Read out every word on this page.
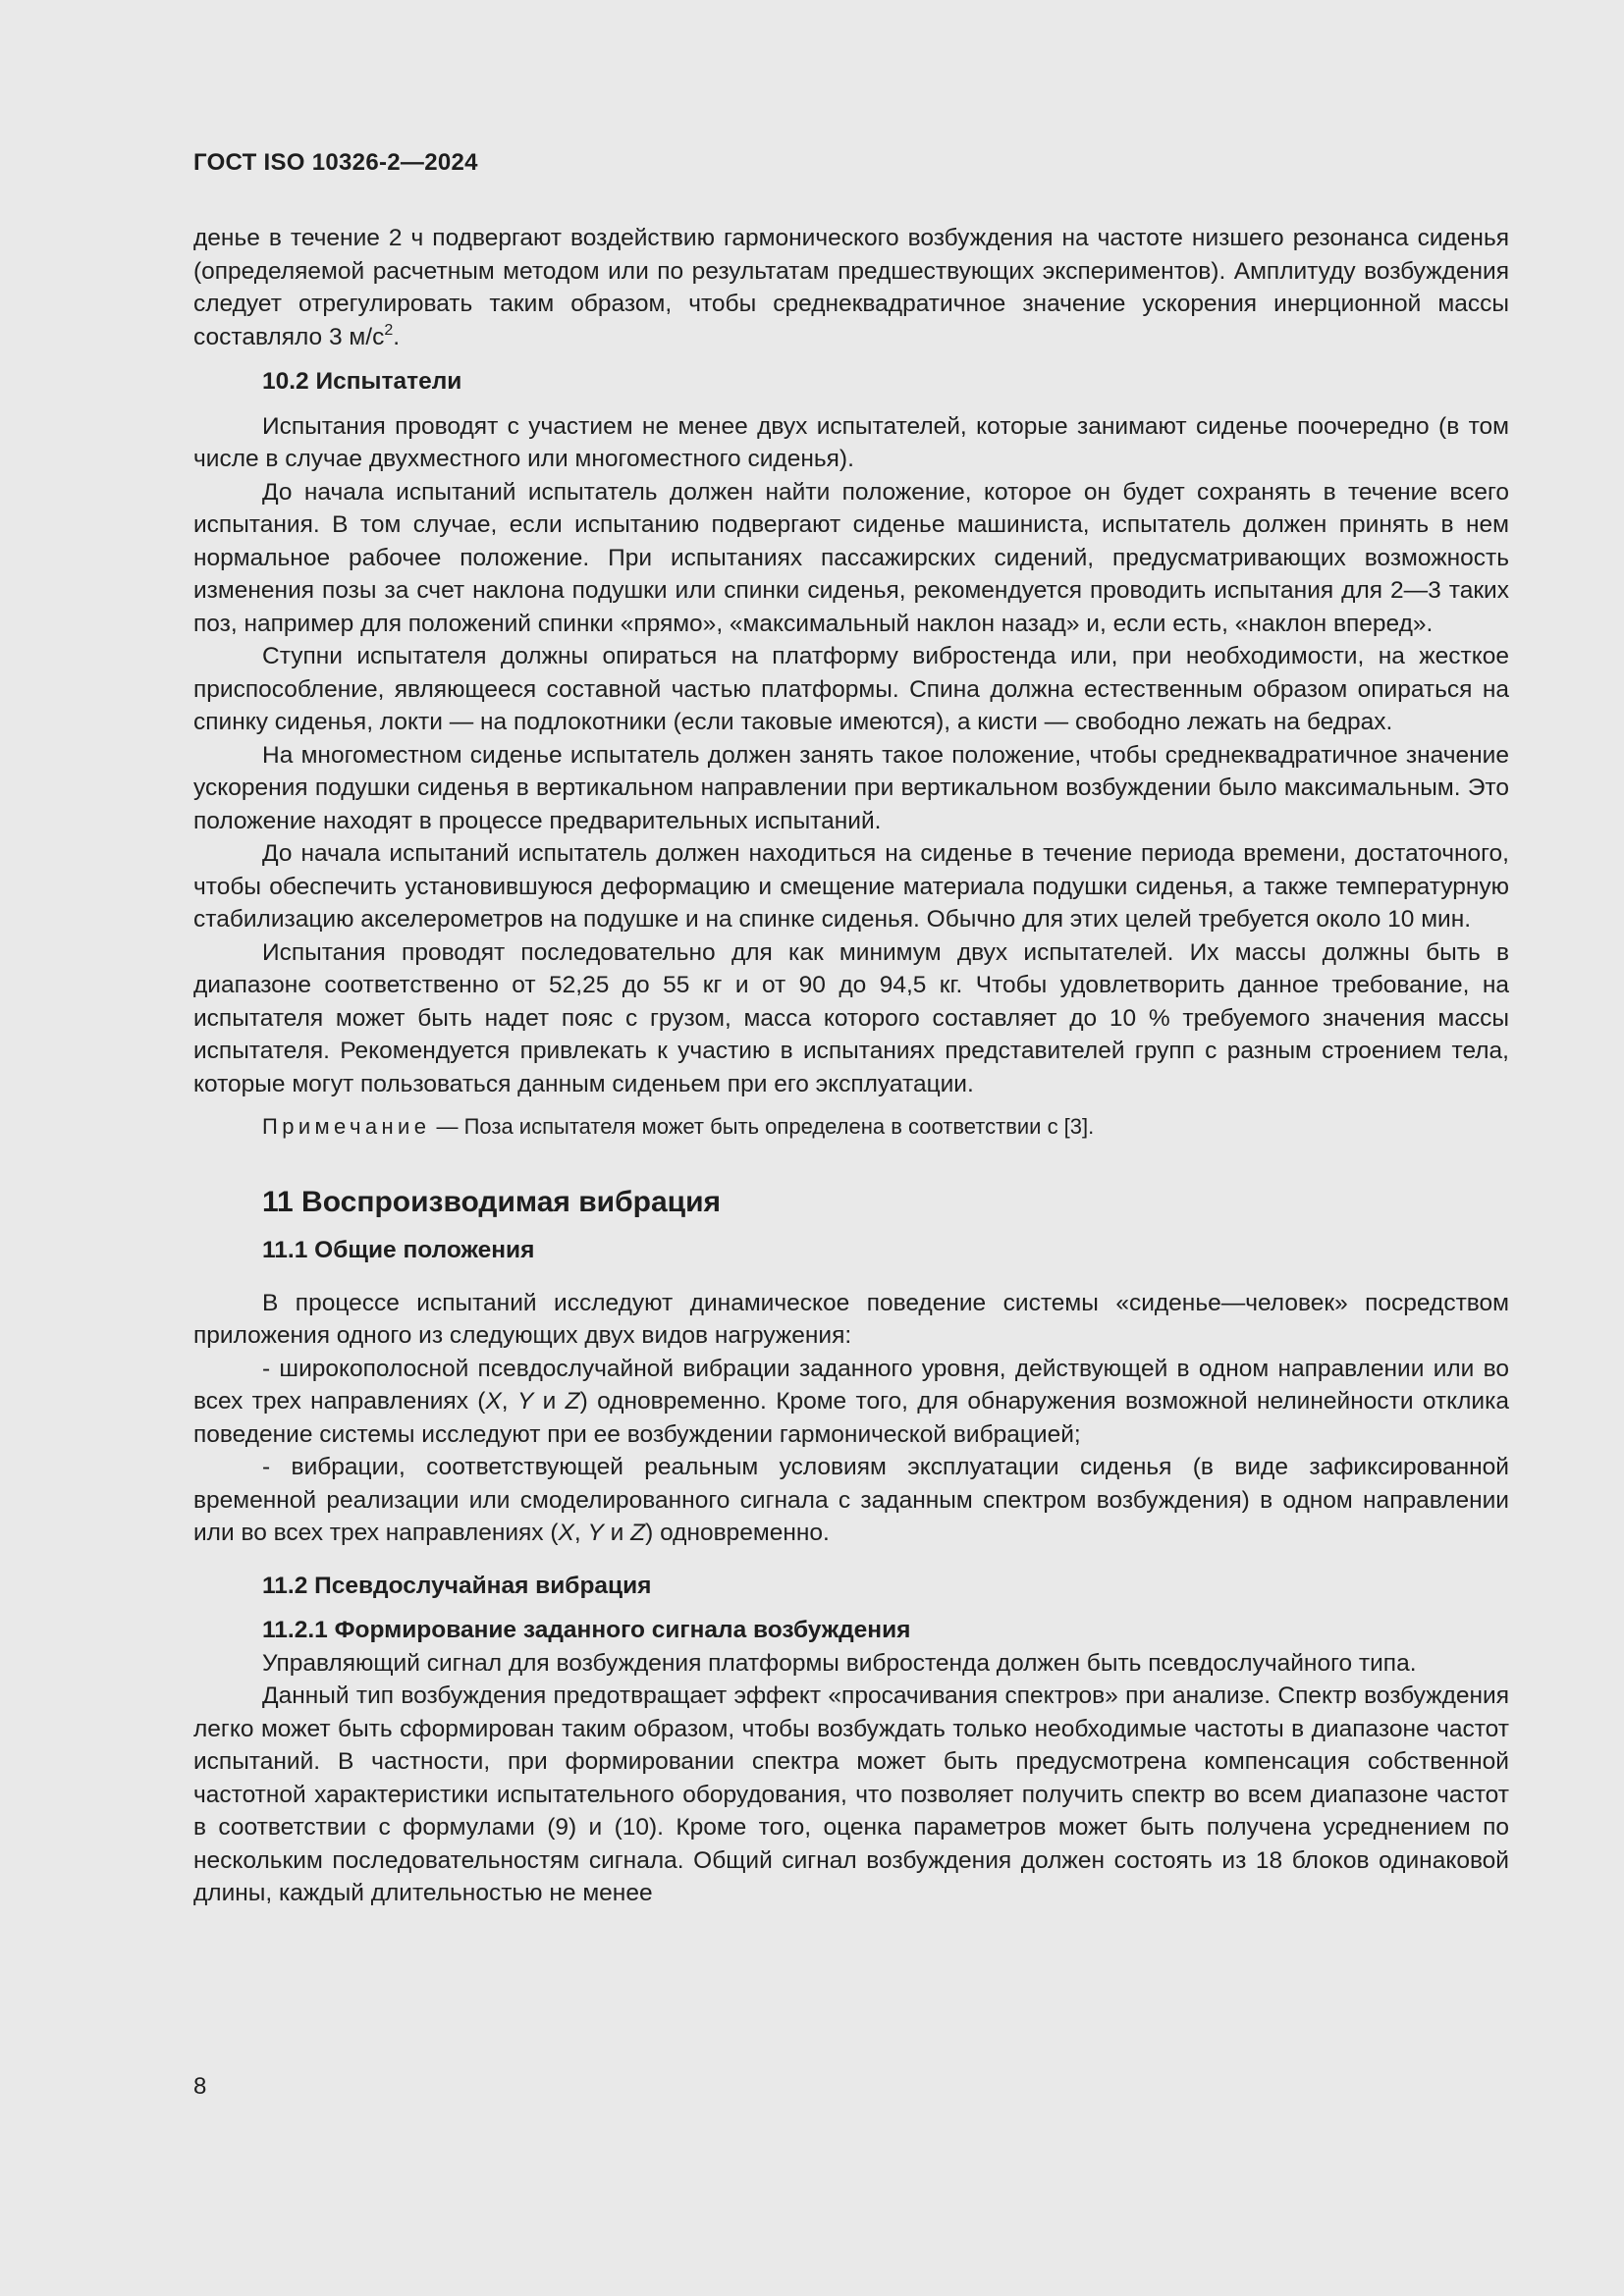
ГОСТ ISO 10326-2—2024

денье в течение 2 ч подвергают воздействию гармонического возбуждения на частоте низшего резонанса сиденья (определяемой расчетным методом или по результатам предшествующих экспериментов). Амплитуду возбуждения следует отрегулировать таким образом, чтобы среднеквадратичное значение ускорения инерционной массы составляло 3 $м/с^2$.

10.2 Испытатели

Испытания проводят с участием не менее двух испытателей, которые занимают сиденье поочередно (в том числе в случае двухместного или многоместного сиденья).

До начала испытаний испытатель должен найти положение, которое он будет сохранять в течение всего испытания. В том случае, если испытанию подвергают сиденье машиниста, испытатель должен принять в нем нормальное рабочее положение. При испытаниях пассажирских сидений, предусматривающих возможность изменения позы за счет наклона подушки или спинки сиденья, рекомендуется проводить испытания для 2—3 таких поз, например для положений спинки «прямо», «максимальный наклон назад» и, если есть, «наклон вперед».

Ступни испытателя должны опираться на платформу вибростенда или, при необходимости, на жесткое приспособление, являющееся составной частью платформы. Спина должна естественным образом опираться на спинку сиденья, локти — на подлокотники (если таковые имеются), а кисти — свободно лежать на бедрах.

На многоместном сиденье испытатель должен занять такое положение, чтобы среднеквадратичное значение ускорения подушки сиденья в вертикальном направлении при вертикальном возбуждении было максимальным. Это положение находят в процессе предварительных испытаний.

До начала испытаний испытатель должен находиться на сиденье в течение периода времени, достаточного, чтобы обеспечить установившуюся деформацию и смещение материала подушки сиденья, а также температурную стабилизацию акселерометров на подушке и на спинке сиденья. Обычно для этих целей требуется около 10 мин.

Испытания проводят последовательно для как минимум двух испытателей. Их массы должны быть в диапазоне соответственно от 52,25 до 55 кг и от 90 до 94,5 кг. Чтобы удовлетворить данное требование, на испытателя может быть надет пояс с грузом, масса которого составляет до 10 % требуемого значения массы испытателя. Рекомендуется привлекать к участию в испытаниях представителей групп с разным строением тела, которые могут пользоваться данным сиденьем при его эксплуатации.

Примечание — Поза испытателя может быть определена в соответствии с [3].

11 Воспроизводимая вибрация
11.1 Общие положения

В процессе испытаний исследуют динамическое поведение системы «сиденье—человек» посредством приложения одного из следующих двух видов нагружения:

- широкополосной псевдослучайной вибрации заданного уровня, действующей в одном направлении или во всех трех направлениях (X, Y и Z) одновременно. Кроме того, для обнаружения возможной нелинейности отклика поведение системы исследуют при ее возбуждении гармонической вибрацией;

- вибрации, соответствующей реальным условиям эксплуатации сиденья (в виде зафиксированной временной реализации или смоделированного сигнала с заданным спектром возбуждения) в одном направлении или во всех трех направлениях (X, Y и Z) одновременно.

11.2 Псевдослучайная вибрация
11.2.1 Формирование заданного сигнала возбуждения

Управляющий сигнал для возбуждения платформы вибростенда должен быть псевдослучайного типа.

Данный тип возбуждения предотвращает эффект «просачивания спектров» при анализе. Спектр возбуждения легко может быть сформирован таким образом, чтобы возбуждать только необходимые частоты в диапазоне частот испытаний. В частности, при формировании спектра может быть предусмотрена компенсация собственной частотной характеристики испытательного оборудования, что позволяет получить спектр во всем диапазоне частот в соответствии с формулами (9) и (10). Кроме того, оценка параметров может быть получена усреднением по нескольким последовательностям сигнала. Общий сигнал возбуждения должен состоять из 18 блоков одинаковой длины, каждый длительностью не менее

8
